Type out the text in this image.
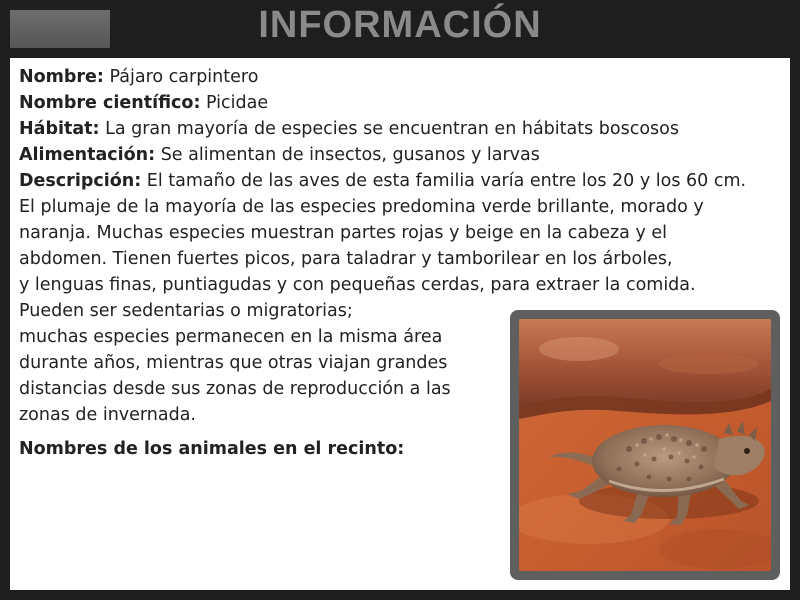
INFORMACIÓN
Nombre: Pájaro carpintero
Nombre científico: Picidae
Hábitat: La gran mayoría de especies se encuentran en hábitats boscosos
Alimentación: Se alimentan de insectos, gusanos y larvas
Descripción: El tamaño de las aves de esta familia varía entre los 20 y los 60 cm.
El plumaje de la mayoría de las especies predomina verde brillante, morado y
naranja. Muchas especies muestran partes rojas y beige en la cabeza y el
abdomen. Tienen fuertes picos, para taladrar y tamborilear en los árboles,
y lenguas finas, puntiagudas y con pequeñas cerdas, para extraer la comida.
Pueden ser sedentarias o migratorias;
muchas especies permanecen en la misma área
durante años, mientras que otras viajan grandes
distancias desde sus zonas de reproducción a las
zonas de invernada.
Nombres de los animales en el recinto:
